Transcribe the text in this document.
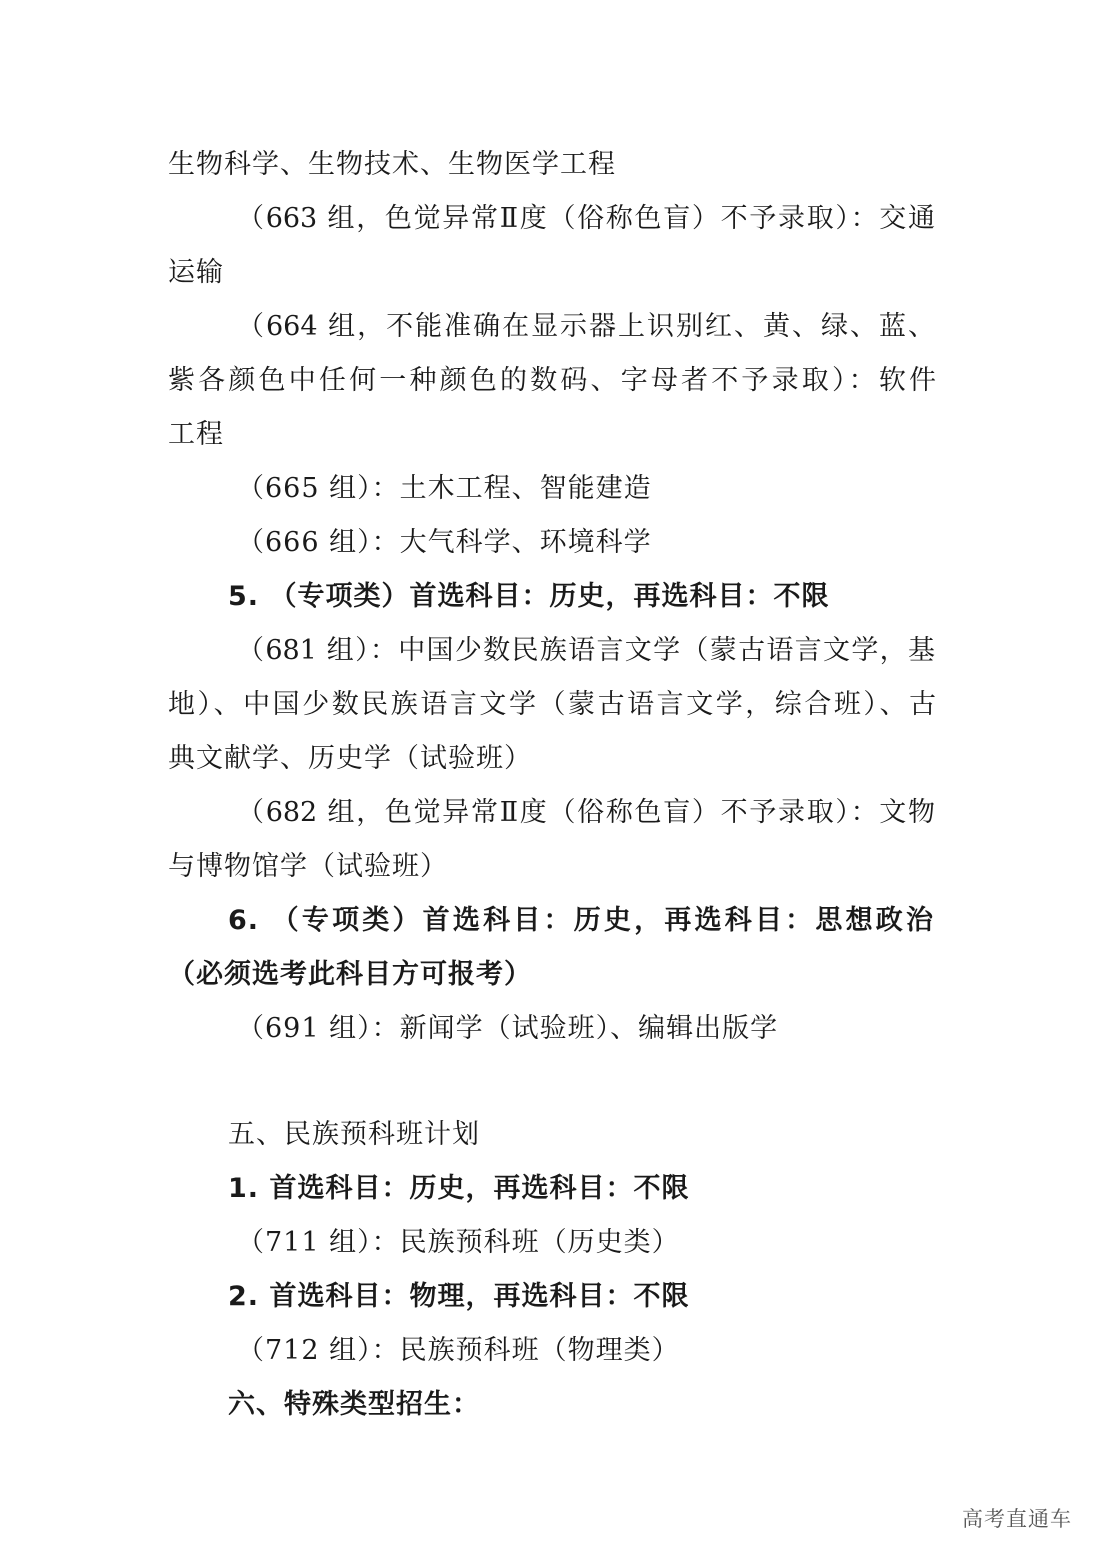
生物科学、生物技术、生物医学工程
（663 组，色觉异常Ⅱ度（俗称色盲）不予录取）：交通
运输
（664 组，不能准确在显示器上识别红、黄、绿、蓝、
紫各颜色中任何一种颜色的数码、字母者不予录取）：软件
工程
（665 组）：土木工程、智能建造
（666 组）：大气科学、环境科学
5. （专项类）首选科目：历史，再选科目：不限
（681 组）：中国少数民族语言文学（蒙古语言文学，基
地）、中国少数民族语言文学（蒙古语言文学，综合班）、古
典文献学、历史学（试验班）
（682 组，色觉异常Ⅱ度（俗称色盲）不予录取）：文物
与博物馆学（试验班）
6. （专项类）首选科目：历史，再选科目：思想政治
（必须选考此科目方可报考）
（691 组）：新闻学（试验班）、编辑出版学
五、民族预科班计划
1. 首选科目：历史，再选科目：不限
（711 组）：民族预科班（历史类）
2. 首选科目：物理，再选科目：不限
（712 组）：民族预科班（物理类）
六、特殊类型招生：
高考直通车
